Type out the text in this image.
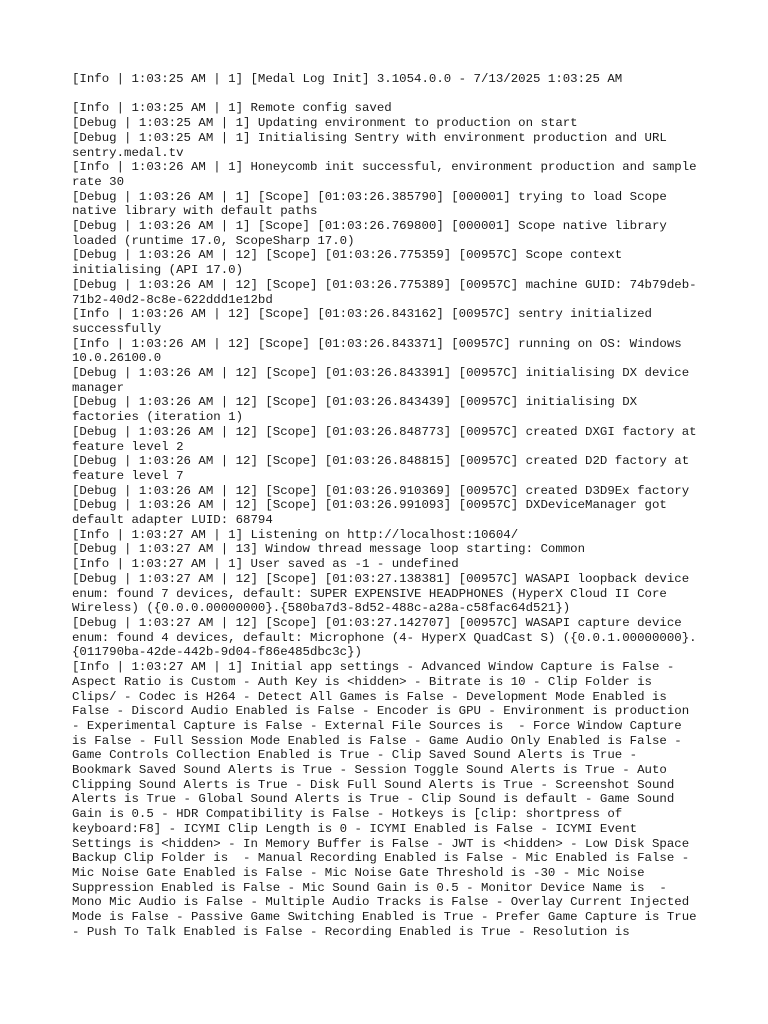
[Info | 1:03:25 AM | 1] [Medal Log Init] 3.1054.0.0 - 7/13/2025 1:03:25 AM

[Info | 1:03:25 AM | 1] Remote config saved

[Debug | 1:03:25 AM | 1] Updating environment to production on start

[Debug | 1:03:25 AM | 1] Initialising Sentry with environment production and URL sentry.medal.tv

[Info | 1:03:26 AM | 1] Honeycomb init successful, environment production and sample rate 30

[Debug | 1:03:26 AM | 1] [Scope] [01:03:26.385790] [000001] trying to load Scope native library with default paths

[Debug | 1:03:26 AM | 1] [Scope] [01:03:26.769800] [000001] Scope native library loaded (runtime 17.0, ScopeSharp 17.0)

[Debug | 1:03:26 AM | 12] [Scope] [01:03:26.775359] [00957C] Scope context initialising (API 17.0)

[Debug | 1:03:26 AM | 12] [Scope] [01:03:26.775389] [00957C] machine GUID: 74b79deb-71b2-40d2-8c8e-622ddd1e12bd

[Info | 1:03:26 AM | 12] [Scope] [01:03:26.843162] [00957C] sentry initialized successfully

[Info | 1:03:26 AM | 12] [Scope] [01:03:26.843371] [00957C] running on OS: Windows 10.0.26100.0

[Debug | 1:03:26 AM | 12] [Scope] [01:03:26.843391] [00957C] initialising DX device manager

[Debug | 1:03:26 AM | 12] [Scope] [01:03:26.843439] [00957C] initialising DX factories (iteration 1)

[Debug | 1:03:26 AM | 12] [Scope] [01:03:26.848773] [00957C] created DXGI factory at feature level 2

[Debug | 1:03:26 AM | 12] [Scope] [01:03:26.848815] [00957C] created D2D factory at feature level 7

[Debug | 1:03:26 AM | 12] [Scope] [01:03:26.910369] [00957C] created D3D9Ex factory

[Debug | 1:03:26 AM | 12] [Scope] [01:03:26.991093] [00957C] DXDeviceManager got default adapter LUID: 68794

[Info | 1:03:27 AM | 1] Listening on http://localhost:10604/

[Debug | 1:03:27 AM | 13] Window thread message loop starting: Common

[Info | 1:03:27 AM | 1] User saved as -1 - undefined

[Debug | 1:03:27 AM | 12] [Scope] [01:03:27.138381] [00957C] WASAPI loopback device enum: found 7 devices, default: SUPER EXPENSIVE HEADPHONES (HyperX Cloud II Core Wireless) ({0.0.0.00000000}.{580ba7d3-8d52-488c-a28a-c58fac64d521})

[Debug | 1:03:27 AM | 12] [Scope] [01:03:27.142707] [00957C] WASAPI capture device enum: found 4 devices, default: Microphone (4- HyperX QuadCast S) ({0.0.1.00000000}.{011790ba-42de-442b-9d04-f86e485dbc3c})

[Info | 1:03:27 AM | 1] Initial app settings - Advanced Window Capture is False - Aspect Ratio is Custom - Auth Key is <hidden> - Bitrate is 10 - Clip Folder is Clips/ - Codec is H264 - Detect All Games is False - Development Mode Enabled is False - Discord Audio Enabled is False - Encoder is GPU - Environment is production - Experimental Capture is False - External File Sources is  - Force Window Capture is False - Full Session Mode Enabled is False - Game Audio Only Enabled is False - Game Controls Collection Enabled is True - Clip Saved Sound Alerts is True - Bookmark Saved Sound Alerts is True - Session Toggle Sound Alerts is True - Auto Clipping Sound Alerts is True - Disk Full Sound Alerts is True - Screenshot Sound Alerts is True - Global Sound Alerts is True - Clip Sound is default - Game Sound Gain is 0.5 - HDR Compatibility is False - Hotkeys is [clip: shortpress of keyboard:F8] - ICYMI Clip Length is 0 - ICYMI Enabled is False - ICYMI Event Settings is <hidden> - In Memory Buffer is False - JWT is <hidden> - Low Disk Space Backup Clip Folder is  - Manual Recording Enabled is False - Mic Enabled is False - Mic Noise Gate Enabled is False - Mic Noise Gate Threshold is -30 - Mic Noise Suppression Enabled is False - Mic Sound Gain is 0.5 - Monitor Device Name is  - Mono Mic Audio is False - Multiple Audio Tracks is False - Overlay Current Injected Mode is False - Passive Game Switching Enabled is True - Prefer Game Capture is True - Push To Talk Enabled is False - Recording Enabled is True - Resolution is
